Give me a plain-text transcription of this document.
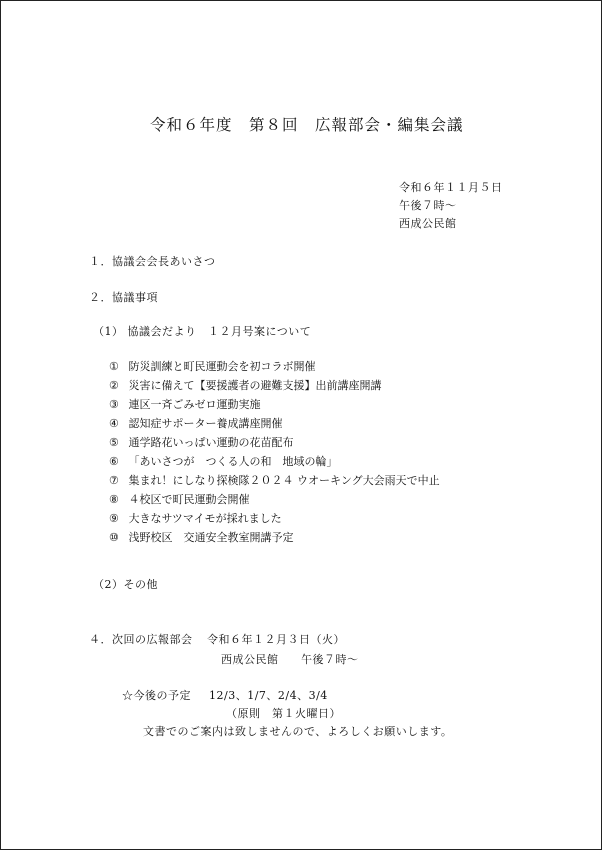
令和６年度　第８回　広報部会・編集会議
令和６年１１月５日
午後７時～
西成公民館
１．協議会会長あいさつ
２．協議事項
（1） 協議会だより　１２月号案について
① 防災訓練と町民運動会を初コラボ開催
② 災害に備えて【要援護者の避難支援】出前講座開講
③ 連区一斉ごみゼロ運動実施
④ 認知症サポーター養成講座開催
⑤ 通学路花いっぱい運動の花苗配布
⑥ 「あいさつが　つくる人の和　地域の輪」
⑦ 集まれ！にしなり探検隊２０２４ ウオーキング大会雨天で中止
⑧ ４校区で町民運動会開催
⑨ 大きなサツマイモが採れました
⑩ 浅野校区　交通安全教室開講予定
（2）その他
４．次回の広報部会 令和６年１２月３日（火）
西成公民館 午後７時～
☆今後の予定 12/3、1/7、2/4、3/4
（原則　第１火曜日）
文書でのご案内は致しませんので、よろしくお願いします。
